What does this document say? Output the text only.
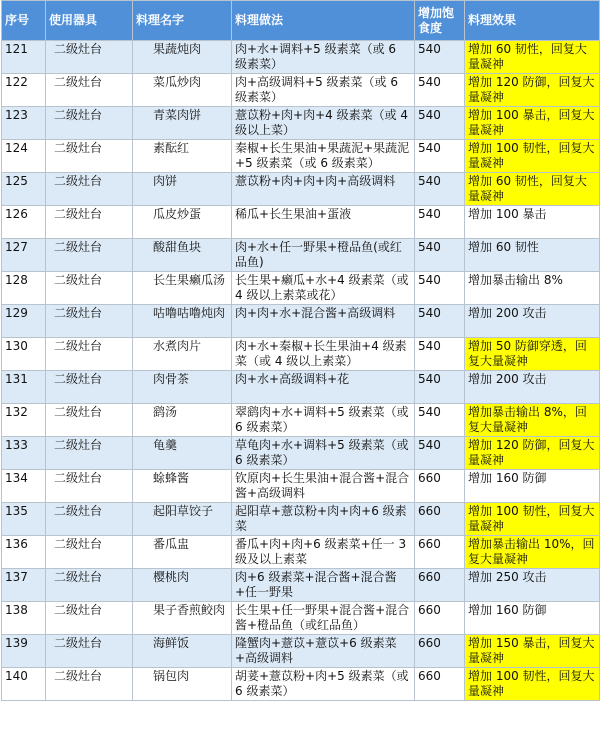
序号	使用器具	料理名字	料理做法	增加饱食度	料理效果
121	二级灶台	果蔬炖肉	肉+水+调料+5 级素菜（或 6 级素菜）	540	增加 60 韧性，回复大量凝神
122	二级灶台	菜瓜炒肉	肉+高级调料+5 级素菜（或 6 级素菜）	540	增加 120 防御，回复大量凝神
123	二级灶台	青菜肉饼	薏苡粉+肉+肉+4 级素菜（或 4 级以上菜）	540	增加 100 暴击，回复大量凝神
124	二级灶台	素酝红	秦椒+长生果油+果蔬泥+果蔬泥+5 级素菜（或 6 级素菜）	540	增加 100 韧性，回复大量凝神
125	二级灶台	肉饼	薏苡粉+肉+肉+肉+高级调料	540	增加 60 韧性，回复大量凝神
126	二级灶台	瓜皮炒蛋	稀瓜+长生果油+蛋液	540	增加 100 暴击
127	二级灶台	酸甜鱼块	肉+水+任一野果+橙品鱼(或红品鱼)	540	增加 60 韧性
128	二级灶台	长生果癞瓜汤	长生果+癞瓜+水+4 级素菜（或 4 级以上素菜或花）	540	增加暴击输出 8%
129	二级灶台	咕噜咕噜炖肉	肉+肉+水+混合酱+高级调料	540	增加 200 攻击
130	二级灶台	水煮肉片	肉+水+秦椒+长生果油+4 级素菜（或 4 级以上素菜）	540	增加 50 防御穿透，回复大量凝神
131	二级灶台	肉骨茶	肉+水+高级调料+花	540	增加 200 攻击
132	二级灶台	鹞汤	翠鹞肉+水+调料+5 级素菜（或 6 级素菜）	540	增加暴击输出 8%，回复大量凝神
133	二级灶台	龟羹	草龟肉+水+调料+5 级素菜（或 6 级素菜）	540	增加 120 防御，回复大量凝神
134	二级灶台	蜍蜂酱	钦原肉+长生果油+混合酱+混合酱+高级调料	660	增加 160 防御
135	二级灶台	起阳草饺子	起阳草+薏苡粉+肉+肉+6 级素菜	660	增加 100 韧性，回复大量凝神
136	二级灶台	番瓜盅	番瓜+肉+肉+6 级素菜+任一 3 级及以上素菜	660	增加暴击输出 10%，回复大量凝神
137	二级灶台	樱桃肉	肉+6 级素菜+混合酱+混合酱+任一野果	660	增加 250 攻击
138	二级灶台	果子香煎鲛肉	长生果+任一野果+混合酱+混合酱+橙品鱼（或红品鱼）	660	增加 160 防御
139	二级灶台	海鲜饭	隆蟹肉+薏苡+薏苡+6 级素菜+高级调料	660	增加 150 暴击，回复大量凝神
140	二级灶台	锅包肉	胡荽+薏苡粉+肉+5 级素菜（或 6 级素菜）	660	增加 100 韧性，回复大量凝神
